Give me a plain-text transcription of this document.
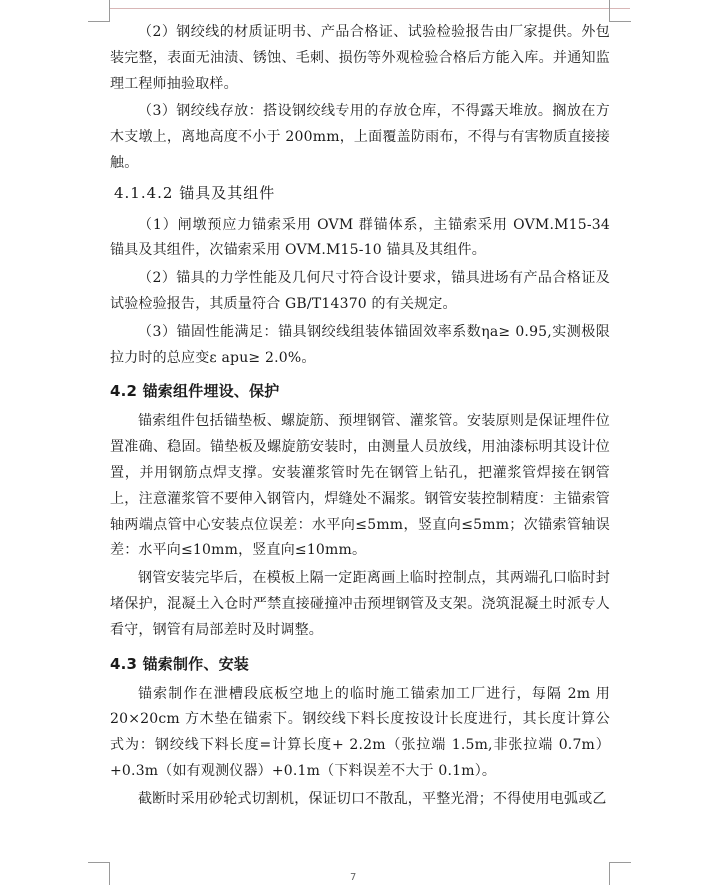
（2）钢绞线的材质证明书、产品合格证、试验检验报告由厂家提供。外包装完整，表面无油渍、锈蚀、毛刺、损伤等外观检验合格后方能入库。并通知监理工程师抽验取样。

（3）钢绞线存放：搭设钢绞线专用的存放仓库，不得露天堆放。搁放在方木支墩上，离地高度不小于 200mm，上面覆盖防雨布，不得与有害物质直接接触。

4.1.4.2 锚具及其组件

（1）闸墩预应力锚索采用 OVM 群锚体系，主锚索采用 OVM.M15-34 锚具及其组件，次锚索采用 OVM.M15-10 锚具及其组件。

（2）锚具的力学性能及几何尺寸符合设计要求，锚具进场有产品合格证及试验检验报告，其质量符合 GB/T14370 的有关规定。

（3）锚固性能满足：锚具钢绞线组装体锚固效率系数ηa≥ 0.95,实测极限拉力时的总应变ε apu≥ 2.0%。

4.2 锚索组件埋设、保护

锚索组件包括锚垫板、螺旋筋、预埋钢管、灌浆管。安装原则是保证埋件位置准确、稳固。锚垫板及螺旋筋安装时，由测量人员放线，用油漆标明其设计位置，并用钢筋点焊支撑。安装灌浆管时先在钢管上钻孔，把灌浆管焊接在钢管上，注意灌浆管不要伸入钢管内，焊缝处不漏浆。钢管安装控制精度：主锚索管轴两端点管中心安装点位误差：水平向≤5mm，竖直向≤5mm；次锚索管轴误差：水平向≤10mm，竖直向≤10mm。

钢管安装完毕后，在模板上隔一定距离画上临时控制点，其两端孔口临时封堵保护，混凝土入仓时严禁直接碰撞冲击预埋钢管及支架。浇筑混凝土时派专人看守，钢管有局部差时及时调整。

4.3 锚索制作、安装

锚索制作在泄槽段底板空地上的临时施工锚索加工厂进行，每隔 2m 用 20×20cm 方木垫在锚索下。钢绞线下料长度按设计长度进行，其长度计算公式为：钢绞线下料长度=计算长度+ 2.2m（张拉端 1.5m,非张拉端 0.7m）+0.3m（如有观测仪器）+0.1m（下料误差不大于 0.1m）。

截断时采用砂轮式切割机，保证切口不散乱，平整光滑；不得使用电弧或乙

7
